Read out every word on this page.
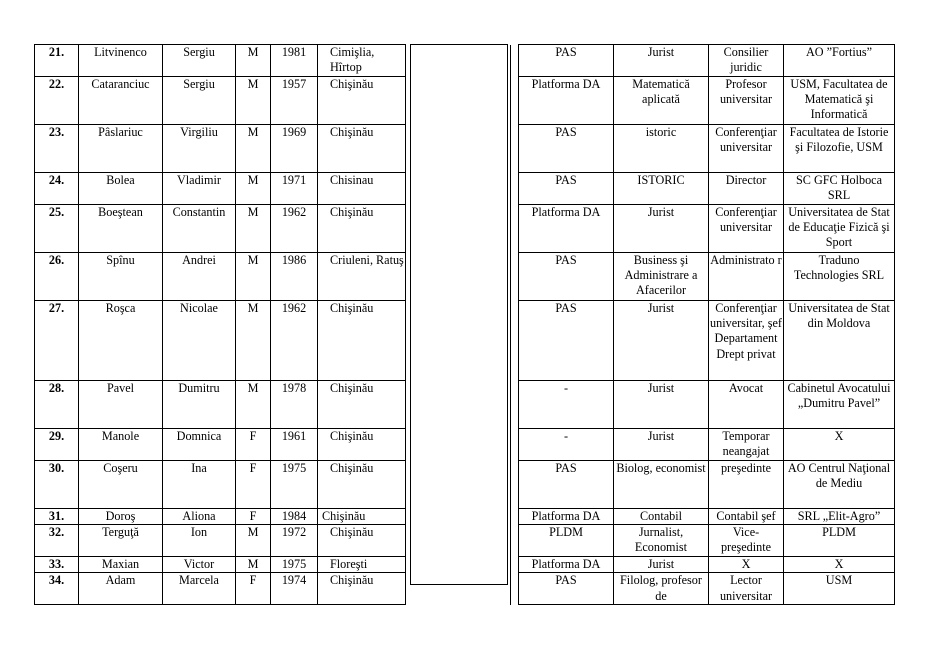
21.	Litvinenco	Sergiu	M	1981	Cimişlia, Hîrtop			PAS	Jurist	Consilier juridic	AO ”Fortius”
22.	Cataranciuc	Sergiu	M	1957	Chişinău			Platforma DA	Matematică aplicată	Profesor universitar	USM, Facultatea de Matematică şi Informatică
23.	Pâslariuc	Virgiliu	M	1969	Chişinău			PAS	istoric	Conferenţiar universitar	Facultatea de Istorie şi Filozofie, USM
24.	Bolea	Vladimir	M	1971	Chisinau			PAS	ISTORIC	Director	SC GFC Holboca SRL
25.	Boeştean	Constantin	M	1962	Chişinău			Platforma DA	Jurist	Conferenţiar universitar	Universitatea de Stat de Educaţie Fizică şi Sport
26.	Spînu	Andrei	M	1986	Criuleni, Ratuş			PAS	Business şi Administrare a Afacerilor	Administrato r	Traduno Technologies SRL
27.	Roşca	Nicolae	M	1962	Chişinău			PAS	Jurist	Conferenţiar universitar, şef Departament Drept privat	Universitatea de Stat din Moldova
28.	Pavel	Dumitru	M	1978	Chişinău			-	Jurist	Avocat	Cabinetul Avocatului „Dumitru Pavel”
29.	Manole	Domnica	F	1961	Chişinău			-	Jurist	Temporar neangajat	X
30.	Coşeru	Ina	F	1975	Chişinău			PAS	Biolog, economist	preşedinte	AO Centrul Naţional de Mediu
31.	Doroş	Aliona	F	1984	Chişinău			Platforma DA	Contabil	Contabil şef	SRL „Elit-Agro”
32.	Terguţă	Ion	M	1972	Chişinău			PLDM	Jurnalist, Economist	Vice-preşedinte	PLDM
33.	Maxian	Victor	M	1975	Floreşti			Platforma DA	Jurist	X	X
34.	Adam	Marcela	F	1974	Chişinău			PAS	Filolog, profesor de	Lector universitar	USM
